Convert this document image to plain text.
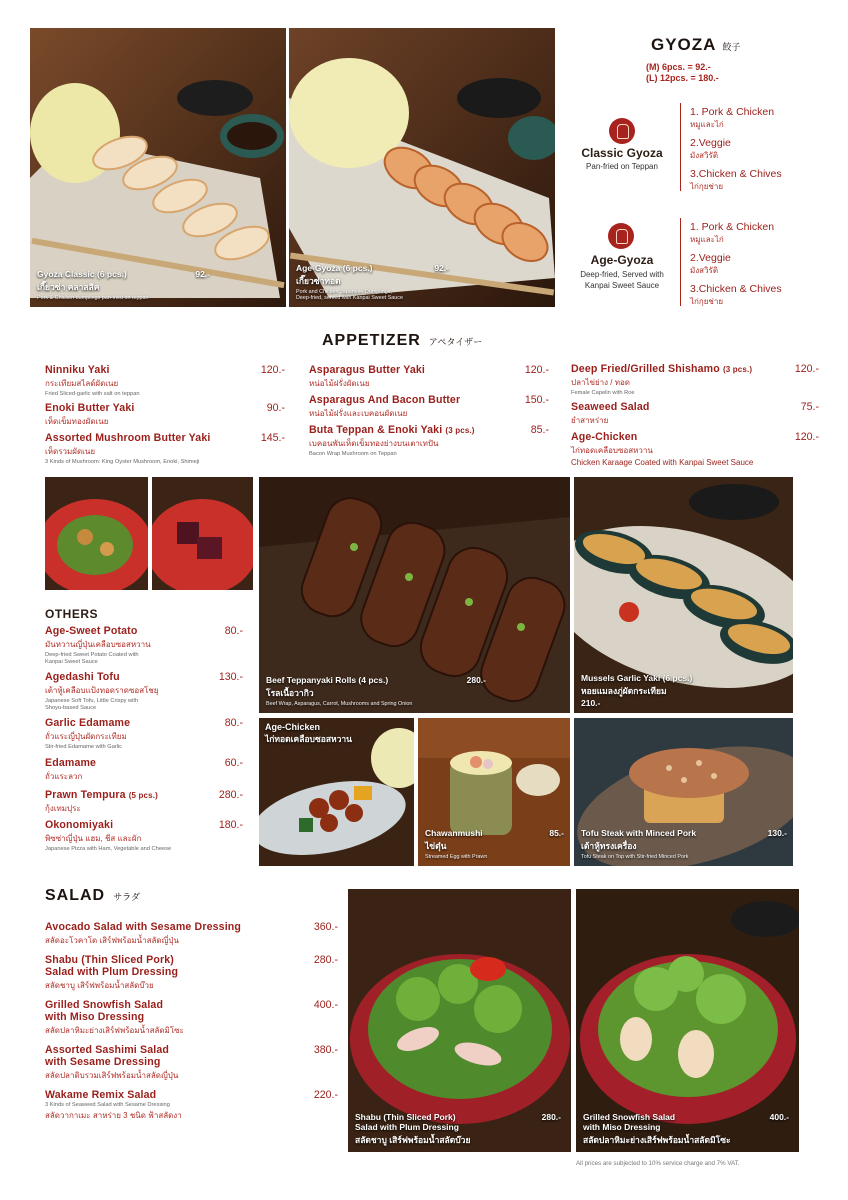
Gyoza Classic (6 pcs.)	92.-
เกี๊ยวซ่า คลาสสิค
Pork & Chicken dumplings pan-fried on teppan
Age-Gyoza (6 pcs.)	92.-
เกี๊ยวซ่าทอด
Pork and Chicken Japanese Dumplings,
Deep-fried, served with Kanpai Sweet Sauce
GYOZA 餃子
(M) 6pcs. = 92.-
(L) 12pcs. = 180.-
Classic Gyoza
Pan-fried on Teppan
1. Pork & Chicken
หมูและไก่
2.Veggie
มังสวิรัติ
3.Chicken & Chives
ไก่กุยช่าย
Age-Gyoza
Deep-fried, Served with
Kanpai Sweet Sauce
1. Pork & Chicken
หมูและไก่
2.Veggie
มังสวิรัติ
3.Chicken & Chives
ไก่กุยช่าย
APPETIZER アペタイザー
Ninniku Yaki	120.-
กระเทียมสไลด์ผัดเนย
Fried Sliced-garlic with salt on teppan
Enoki Butter Yaki	90.-
เห็ดเข็มทองผัดเนย
Assorted Mushroom Butter Yaki	145.-
เห็ดรวมผัดเนย
3 Kinds of Mushroom: King Oyster Mushroom, Enoki, Shimeji
Asparagus Butter Yaki	120.-
หน่อไม้ฝรั่งผัดเนย
Asparagus And Bacon Butter	150.-
หน่อไม้ฝรั่งและเบคอนผัดเนย
Buta Teppan & Enoki Yaki (3 pcs.)	85.-
เบคอนพันเห็ดเข็มทองย่างบนเตาเทปัน
Bacon Wrap Mushroom on Teppan
Deep Fried/Grilled Shishamo (3 pcs.)	120.-
ปลาไข่ย่าง / ทอด
Female Capelin with Roe
Seaweed Salad	75.-
ยำสาหร่าย
Age-Chicken	120.-
ไก่ทอดเคลือบซอสหวาน
Chicken Karaage Coated with Kanpai Sweet Sauce
OTHERS
Age-Sweet Potato	80.-
มันหวานญี่ปุ่นเคลือบซอสหวาน
Deep-fried Sweet Potato Coated with
Kanpai Sweet Sauce
Agedashi Tofu	130.-
เต้าหู้เคลือบแป้งทอดราดซอสโชยุ
Japanese Soft Tofu, Little Crispy with
Shoyu-based Sauce
Garlic Edamame	80.-
ถั่วแระญี่ปุ่นผัดกระเทียม
Stir-fried Edamame with Garlic
Edamame	60.-
ถั่วแระลวก
Prawn Tempura (5 pcs.)	280.-
กุ้งเทมปุระ
Okonomiyaki	180.-
พิซซ่าญี่ปุ่น แฮม, ชีส และผัก
Japanese Pizza with Ham, Vegetable and Cheese
Beef Teppanyaki Rolls (4 pcs.)	280.-
โรลเนื้อวากิว
Beef Wrap, Asparagus, Carrot, Mushrooms and Spring Onion
Mussels Garlic Yaki (6 pcs.)
หอยแมลงภู่ผัดกระเทียม
210.-
Age-Chicken
ไก่ทอดเคลือบซอสหวาน
Chawanmushi	85.-
ไข่ตุ๋น
Streamed Egg with Prawn
Tofu Steak with Minced Pork	130.-
เต้าหู้ทรงเครื่อง
Tofu Steak on Top with Stir-fried Minced Pork
SALAD サラダ
Avocado Salad with Sesame Dressing	360.-
สลัดอะโวคาโด เสิร์ฟพร้อมน้ำสลัดญี่ปุ่น
Shabu (Thin Sliced Pork)
Salad with Plum Dressing
280.-
สลัดชาบู เสิร์ฟพร้อมน้ำสลัดบ๊วย
Grilled Snowfish Salad
with Miso Dressing
400.-
สลัดปลาหิมะย่างเสิร์ฟพร้อมน้ำสลัดมิโซะ
Assorted Sashimi Salad
with Sesame Dressing
380.-
สลัดปลาดิบรวมเสิร์ฟพร้อมน้ำสลัดญี่ปุ่น
Wakame Remix Salad	220.-
3 Kinds of Seaweed Salad with Sesame Dressing
สลัดวากาเมะ สาหร่าย 3 ชนิด ฟ้าสลัดงา	Shabu (Thin Sliced Pork)	280.-
Salad with Plum Dressing
สลัดชาบู เสิร์ฟพร้อมน้ำสลัดบ๊วย
Grilled Snowfish Salad	400.-
with Miso Dressing
สลัดปลาหิมะย่างเสิร์ฟพร้อมน้ำสลัดมิโซะ
All prices are subjected to 10% service charge and 7% VAT.
